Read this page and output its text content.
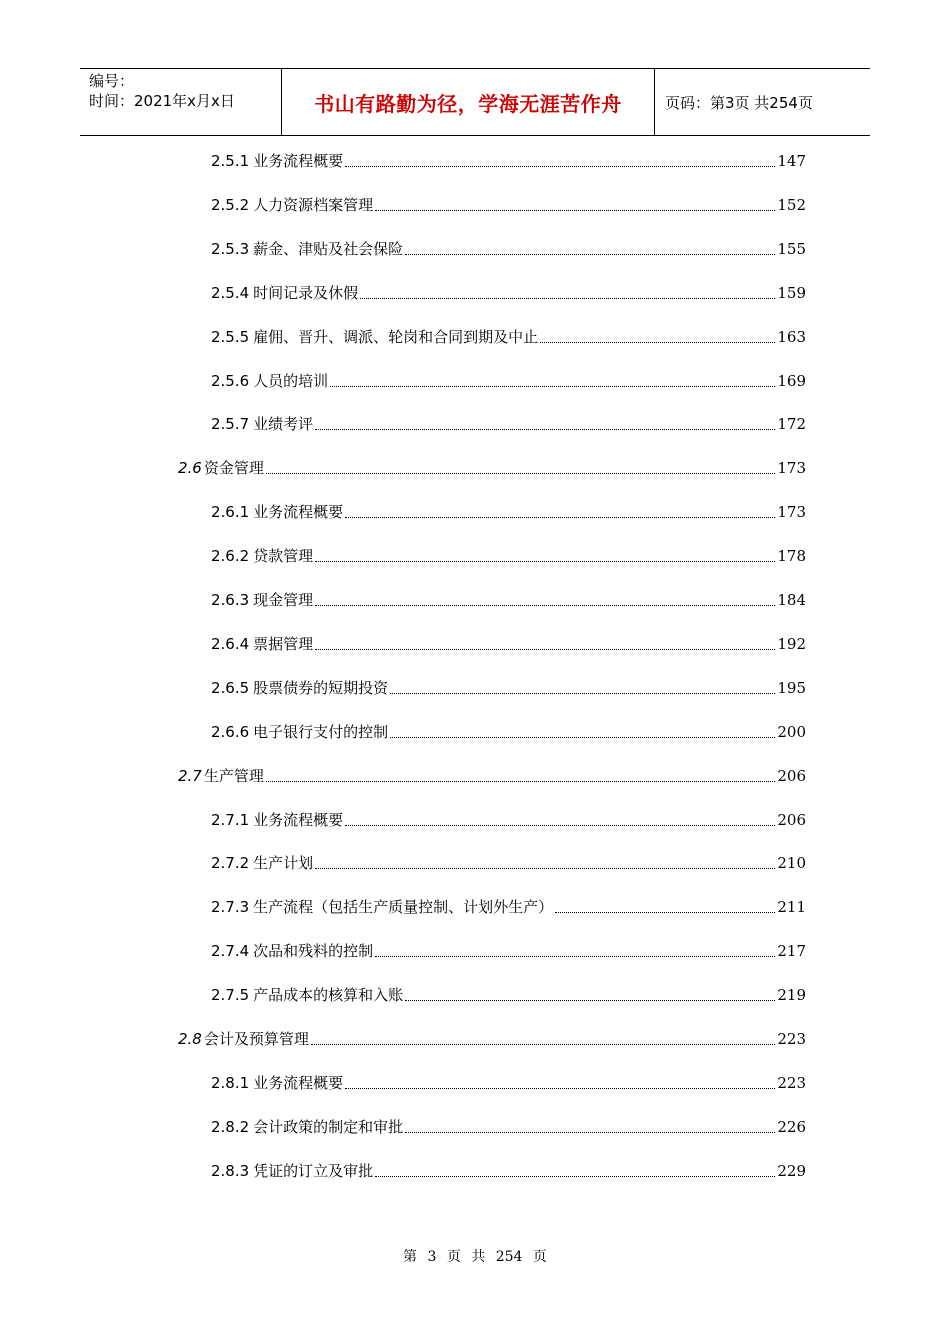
编号：
时间：2021年x月x日	书山有路勤为径，学海无涯苦作舟	页码：第3页 共254页
2.5.1 业务流程概要	147
2.5.2 人力资源档案管理	152
2.5.3 薪金、津贴及社会保险	155
2.5.4 时间记录及休假	159
2.5.5 雇佣、晋升、调派、轮岗和合同到期及中止	163
2.5.6 人员的培训	169
2.5.7 业绩考评	172
2.6 资金管理	173
2.6.1 业务流程概要	173
2.6.2 贷款管理	178
2.6.3 现金管理	184
2.6.4 票据管理	192
2.6.5 股票债券的短期投资	195
2.6.6 电子银行支付的控制	200
2.7 生产管理	206
2.7.1 业务流程概要	206
2.7.2 生产计划	210
2.7.3 生产流程（包括生产质量控制、计划外生产）	211
2.7.4 次品和残料的控制	217
2.7.5 产品成本的核算和入账	219
2.8 会计及预算管理	223
2.8.1 业务流程概要	223
2.8.2 会计政策的制定和审批	226
2.8.3 凭证的订立及审批	229
第 3 页 共 254 页
